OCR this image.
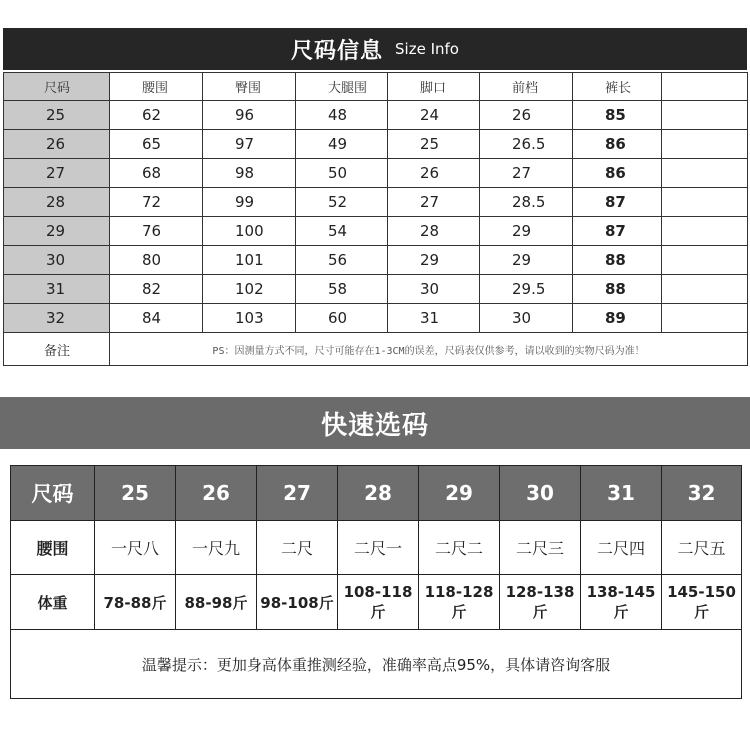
尺码信息 Size Info
尺码	腰围	臀围	大腿围	脚口	前档	裤长	
25	62	96	48	24	26	85	
26	65	97	49	25	26.5	86	
27	68	98	50	26	27	86	
28	72	99	52	27	28.5	87	
29	76	100	54	28	29	87	
30	80	101	56	29	29	88	
31	82	102	58	30	29.5	88	
32	84	103	60	31	30	89	
备注	PS：因测量方式不同，尺寸可能存在1-3CM的误差，尺码表仅供参考，请以收到的实物尺码为准！						
快速选码
尺码	25	26	27	28	29	30	31	32
腰围	一尺八	一尺九	二尺	二尺一	二尺二	二尺三	二尺四	二尺五
体重	78-88斤	88-98斤	98-108斤	108-118斤	118-128斤	128-138斤	138-145斤	145-150斤
温馨提示：更加身高体重推测经验，准确率高点95%，具体请咨询客服								
